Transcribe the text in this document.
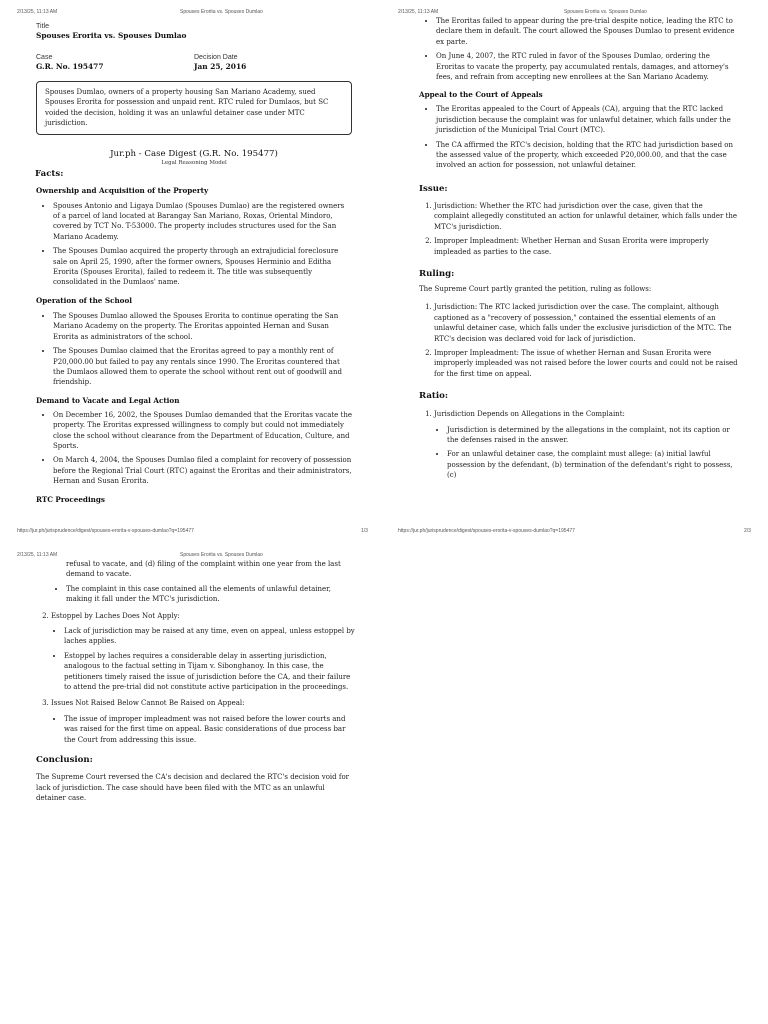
2/13/25, 11:13 AM	Spouses Erorita vs. Spouses Dumlao
Title
Spouses Erorita vs. Spouses Dumlao
Case
G.R. No. 195477
Decision Date
Jan 25, 2016
Spouses Dumlao, owners of a property housing San Mariano Academy, sued Spouses Erorita for possession and unpaid rent. RTC ruled for Dumlaos, but SC voided the decision, holding it was an unlawful detainer case under MTC jurisdiction.
Jur.ph - Case Digest (G.R. No. 195477)
Legal Reasoning Model
Facts:
Ownership and Acquisition of the Property
• Spouses Antonio and Ligaya Dumlao (Spouses Dumlao) are the registered owners of a parcel of land located at Barangay San Mariano, Roxas, Oriental Mindoro, covered by TCT No. T-53000. The property includes structures used for the San Mariano Academy.
• The Spouses Dumlao acquired the property through an extrajudicial foreclosure sale on April 25, 1990, after the former owners, Spouses Herminio and Editha Erorita (Spouses Erorita), failed to redeem it. The title was subsequently consolidated in the Dumlaos' name.
Operation of the School
• The Spouses Dumlao allowed the Spouses Erorita to continue operating the San Mariano Academy on the property. The Eroritas appointed Hernan and Susan Erorita as administrators of the school.
• The Spouses Dumlao claimed that the Eroritas agreed to pay a monthly rent of P20,000.00 but failed to pay any rentals since 1990. The Eroritas countered that the Dumlaos allowed them to operate the school without rent out of goodwill and friendship.
Demand to Vacate and Legal Action
• On December 16, 2002, the Spouses Dumlao demanded that the Eroritas vacate the property. The Eroritas expressed willingness to comply but could not immediately close the school without clearance from the Department of Education, Culture, and Sports.
• On March 4, 2004, the Spouses Dumlao filed a complaint for recovery of possession before the Regional Trial Court (RTC) against the Eroritas and their administrators, Hernan and Susan Erorita.
RTC Proceedings
https://jur.ph/jurisprudence/digest/spouses-erorita-v-spouses-dumlao?q=195477	1/3
2/13/25, 11:13 AM	Spouses Erorita vs. Spouses Dumlao
• The Eroritas failed to appear during the pre-trial despite notice, leading the RTC to declare them in default. The court allowed the Spouses Dumlao to present evidence ex parte.
• On June 4, 2007, the RTC ruled in favor of the Spouses Dumlao, ordering the Eroritas to vacate the property, pay accumulated rentals, damages, and attorney's fees, and refrain from accepting new enrollees at the San Mariano Academy.
Appeal to the Court of Appeals
• The Eroritas appealed to the Court of Appeals (CA), arguing that the RTC lacked jurisdiction because the complaint was for unlawful detainer, which falls under the jurisdiction of the Municipal Trial Court (MTC).
• The CA affirmed the RTC's decision, holding that the RTC had jurisdiction based on the assessed value of the property, which exceeded P20,000.00, and that the case involved an action for possession, not unlawful detainer.
Issue:
1. Jurisdiction: Whether the RTC had jurisdiction over the case, given that the complaint allegedly constituted an action for unlawful detainer, which falls under the MTC's jurisdiction.
2. Improper Impleadment: Whether Hernan and Susan Erorita were improperly impleaded as parties to the case.
Ruling:

The Supreme Court partly granted the petition, ruling as follows:

1. Jurisdiction: The RTC lacked jurisdiction over the case. The complaint, although captioned as a "recovery of possession," contained the essential elements of an unlawful detainer case, which falls under the exclusive jurisdiction of the MTC. The RTC's decision was declared void for lack of jurisdiction.
2. Improper Impleadment: The issue of whether Hernan and Susan Erorita were improperly impleaded was not raised before the lower courts and could not be raised for the first time on appeal.
Ratio:
1. Jurisdiction Depends on Allegations in the Complaint:
• Jurisdiction is determined by the allegations in the complaint, not its caption or the defenses raised in the answer.
• For an unlawful detainer case, the complaint must allege: (a) initial lawful possession by the defendant, (b) termination of the defendant's right to possess, (c)
https://jur.ph/jurisprudence/digest/spouses-erorita-v-spouses-dumlao?q=195477	2/3
2/13/25, 11:13 AM	Spouses Erorita vs. Spouses Dumlao
refusal to vacate, and (d) filing of the complaint within one year from the last demand to vacate.
• The complaint in this case contained all the elements of unlawful detainer, making it fall under the MTC's jurisdiction.
2. Estoppel by Laches Does Not Apply:
• Lack of jurisdiction may be raised at any time, even on appeal, unless estoppel by laches applies.
• Estoppel by laches requires a considerable delay in asserting jurisdiction, analogous to the factual setting in Tijam v. Sibonghanoy. In this case, the petitioners timely raised the issue of jurisdiction before the CA, and their failure to attend the pre-trial did not constitute active participation in the proceedings.
3. Issues Not Raised Below Cannot Be Raised on Appeal:
• The issue of improper impleadment was not raised before the lower courts and was raised for the first time on appeal. Basic considerations of due process bar the Court from addressing this issue.
Conclusion:

The Supreme Court reversed the CA's decision and declared the RTC's decision void for lack of jurisdiction. The case should have been filed with the MTC as an unlawful detainer case.
